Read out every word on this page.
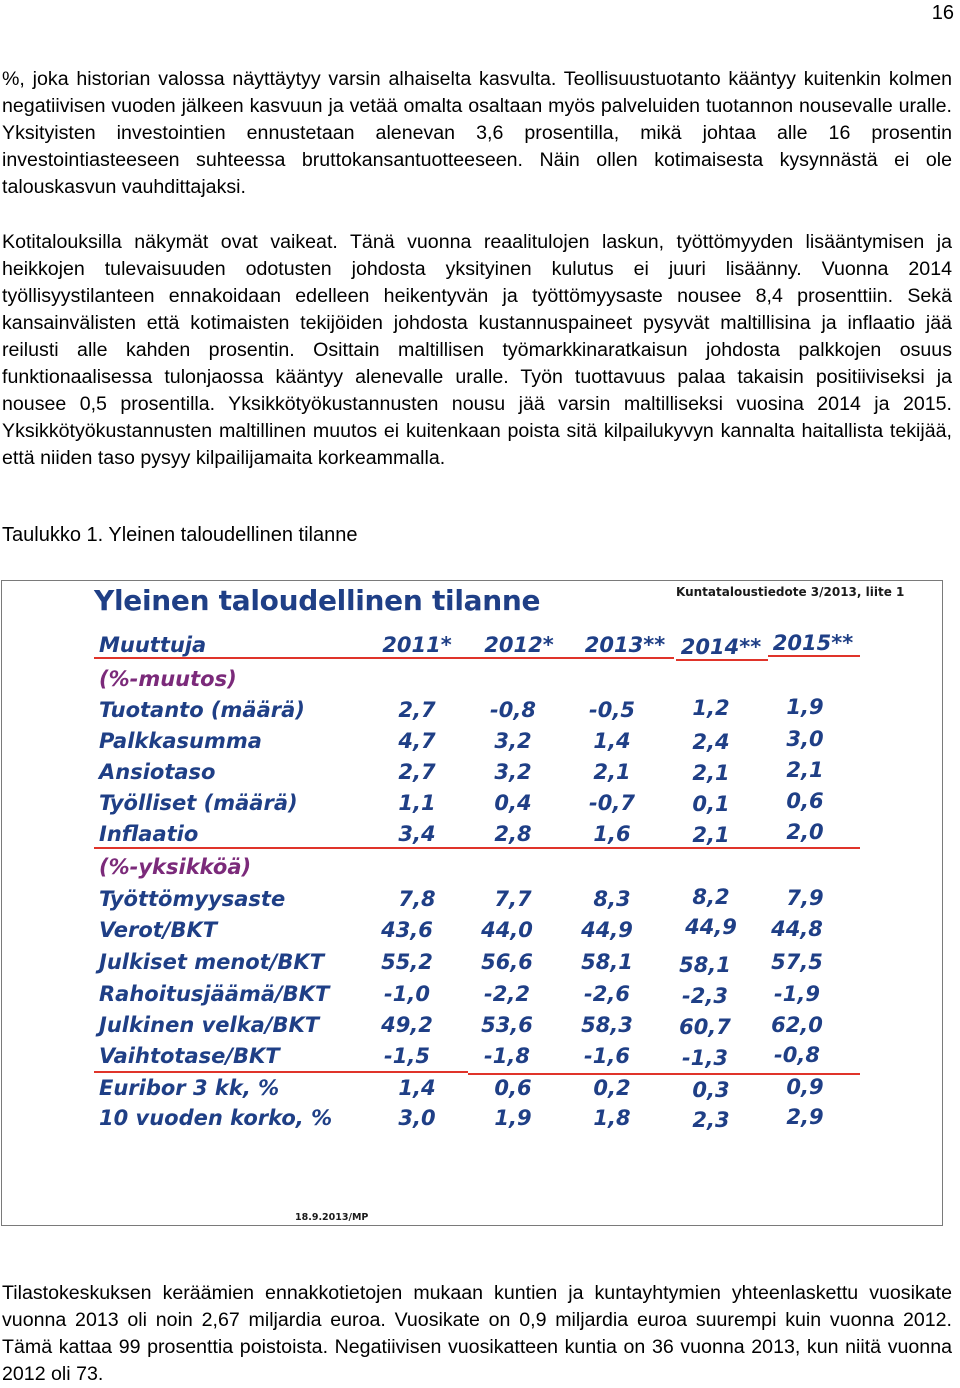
16

%, joka historian valossa näyttäytyy varsin alhaiselta kasvulta. Teollisuustuotanto kääntyy kuitenkin kolmen negatiivisen vuoden jälkeen kasvuun ja vetää omalta osaltaan myös palveluiden tuotannon nousevalle uralle. Yksityisten investointien ennustetaan alenevan 3,6 prosentilla, mikä johtaa alle 16 prosentin investointiasteeseen suhteessa bruttokansantuotteeseen. Näin ollen kotimaisesta kysynnästä ei ole talouskasvun vauhdittajaksi.

Kotitalouksilla näkymät ovat vaikeat. Tänä vuonna reaalitulojen laskun, työttömyyden lisääntymisen ja heikkojen tulevaisuuden odotusten johdosta yksityinen kulutus ei juuri lisäänny. Vuonna 2014 työllisyystilanteen ennakoidaan edelleen heikentyvän ja työttömyysaste nousee 8,4 prosenttiin. Sekä kansainvälisten että kotimaisten tekijöiden johdosta kustannuspaineet pysyvät maltillisina ja inflaatio jää reilusti alle kahden prosentin. Osittain maltillisen työmarkkinaratkaisun johdosta palkkojen osuus funktionaalisessa tulonjaossa kääntyy alenevalle uralle. Työn tuottavuus palaa takaisin positiiviseksi ja nousee 0,5 prosentilla. Yksikkötyökustannusten nousu jää varsin maltilliseksi vuosina 2014 ja 2015. Yksikkötyökustannusten maltillinen muutos ei kuitenkaan poista sitä kilpailukyvyn kannalta haitallista tekijää, että niiden taso pysyy kilpailijamaita korkeammalla.

Taulukko 1. Yleinen taloudellinen tilanne

Yleinen taloudellinen tilanne	Kuntataloustiedote 3/2013, liite 1
18.9.2013/MP
Muuttuja	2011*	2012*	2013** 2014** 2015**
(%-muutos)
Tuotanto (määrä)	2,7	-0,8	-0,5	1,2	1,9
Palkkasumma	4,7	3,2	1,4	2,4	3,0
Ansiotaso	2,7	3,2	2,1	2,1	2,1
Työlliset (määrä)	1,1	0,4	-0,7	0,1	0,6
Inflaatio	3,4	2,8	1,6	2,1	2,0
(%-yksikköä)
Työttömyysaste	7,8	7,7	8,3	8,2	7,9
Verot/BKT	43,6	44,0	44,9	44,9	44,8
Julkiset menot/BKT	55,2	56,6	58,1	58,1	57,5
Rahoitusjäämä/BKT	-1,0	-2,2	-2,6	-2,3	-1,9
Julkinen velka/BKT	49,2	53,6	58,3	60,7	62,0
Vaihtotase/BKT	-1,5	-1,8	-1,6	-1,3	-0,8
Euribor 3 kk, %	1,4	0,6	0,2	0,3	0,9
10 vuoden korko, %	3,0	1,9	1,8	2,3	2,9

Tilastokeskuksen keräämien ennakkotietojen mukaan kuntien ja kuntayhtymien yhteenlaskettu vuosikate vuonna 2013 oli noin 2,67 miljardia euroa. Vuosikate on 0,9 miljardia euroa suurempi kuin vuonna 2012. Tämä kattaa 99 prosenttia poistoista. Negatiivisen vuosikatteen kuntia on 36 vuonna 2013, kun niitä vuonna 2012 oli 73.
